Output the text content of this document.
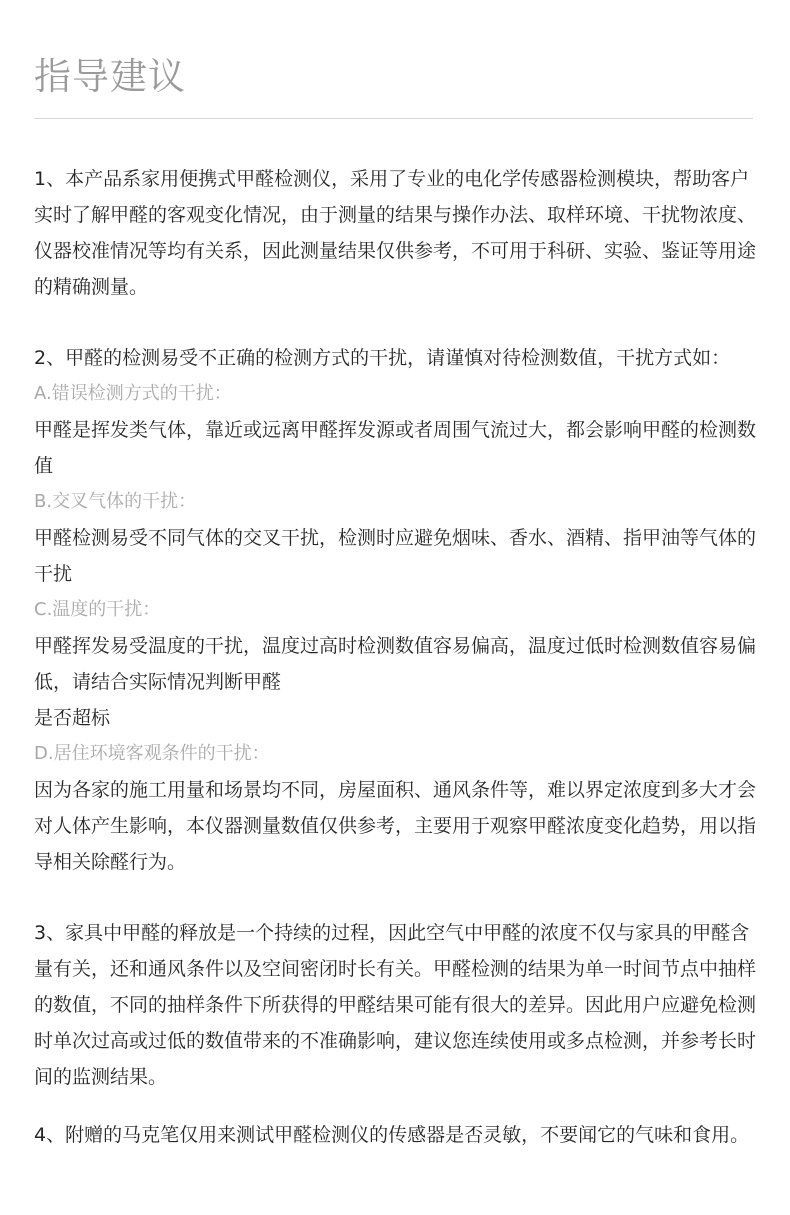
指导建议

1、本产品系家用便携式甲醛检测仪，采用了专业的电化学传感器检测模块，帮助客户实时了解甲醛的客观变化情况，由于测量的结果与操作办法、取样环境、干扰物浓度、仪器校准情况等均有关系，因此测量结果仅供参考，不可用于科研、实验、鉴证等用途的精确测量。

2、甲醛的检测易受不正确的检测方式的干扰，请谨慎对待检测数值，干扰方式如：

A.错误检测方式的干扰：

甲醛是挥发类气体，靠近或远离甲醛挥发源或者周围气流过大，都会影响甲醛的检测数值

B.交叉气体的干扰：

甲醛检测易受不同气体的交叉干扰，检测时应避免烟味、香水、酒精、指甲油等气体的干扰

C.温度的干扰：

甲醛挥发易受温度的干扰，温度过高时检测数值容易偏高，温度过低时检测数值容易偏低，请结合实际情况判断甲醛

是否超标

D.居住环境客观条件的干扰：

因为各家的施工用量和场景均不同，房屋面积、通风条件等，难以界定浓度到多大才会对人体产生影响，本仪器测量数值仅供参考，主要用于观察甲醛浓度变化趋势，用以指导相关除醛行为。

3、家具中甲醛的释放是一个持续的过程，因此空气中甲醛的浓度不仅与家具的甲醛含量有关，还和通风条件以及空间密闭时长有关。甲醛检测的结果为单一时间节点中抽样的数值，不同的抽样条件下所获得的甲醛结果可能有很大的差异。因此用户应避免检测时单次过高或过低的数值带来的不准确影响，建议您连续使用或多点检测，并参考长时间的监测结果。

4、附赠的马克笔仅用来测试甲醛检测仪的传感器是否灵敏，不要闻它的气味和食用。
